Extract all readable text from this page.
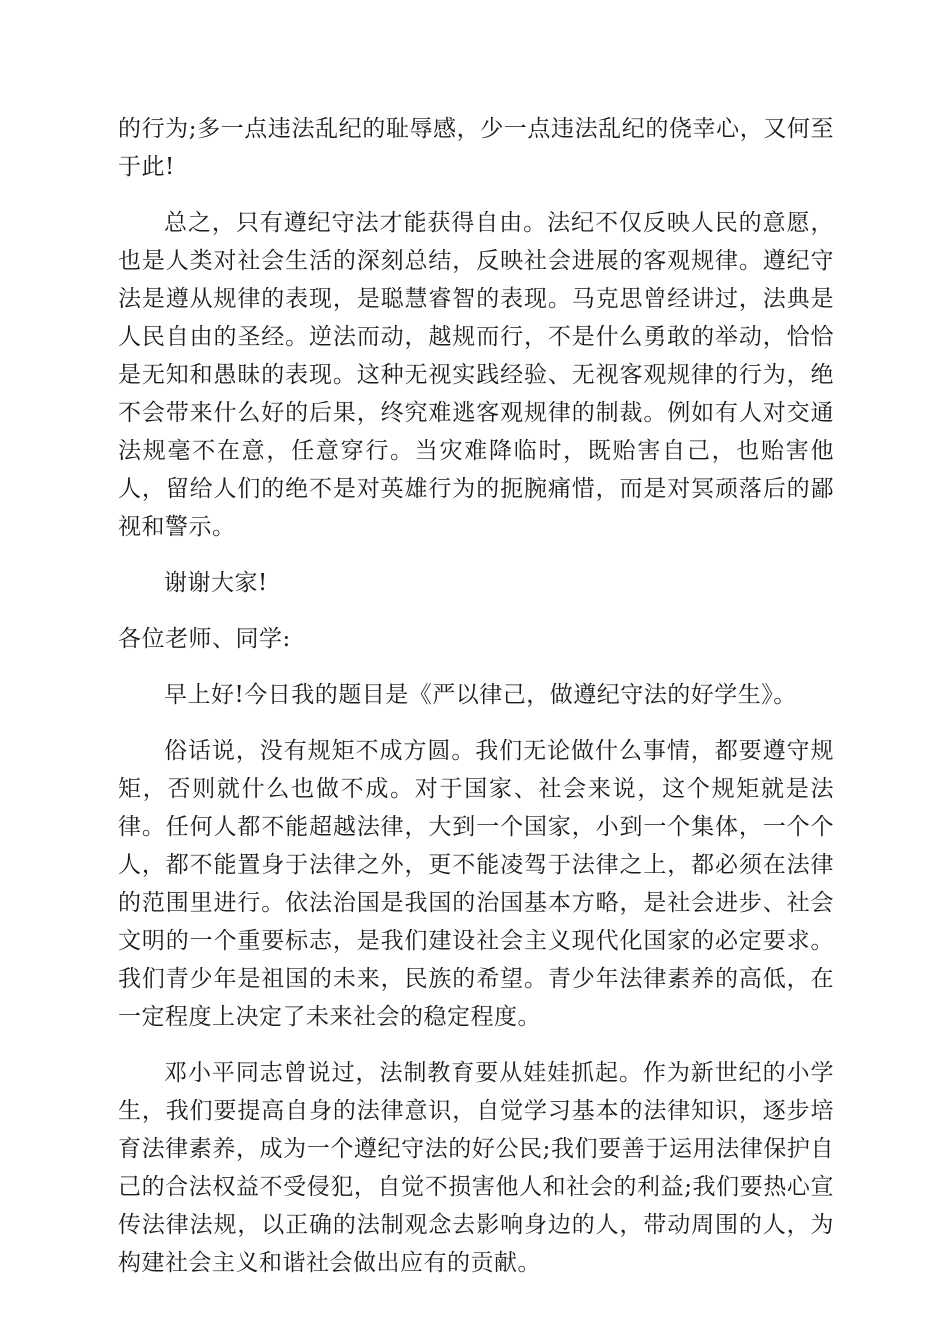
的行为;多一点违法乱纪的耻辱感，少一点违法乱纪的侥幸心，又何至于此!

总之，只有遵纪守法才能获得自由。法纪不仅反映人民的意愿，也是人类对社会生活的深刻总结，反映社会进展的客观规律。遵纪守法是遵从规律的表现，是聪慧睿智的表现。马克思曾经讲过，法典是人民自由的圣经。逆法而动，越规而行，不是什么勇敢的举动，恰恰是无知和愚昧的表现。这种无视实践经验、无视客观规律的行为，绝不会带来什么好的后果，终究难逃客观规律的制裁。例如有人对交通法规毫不在意，任意穿行。当灾难降临时，既贻害自己，也贻害他人，留给人们的绝不是对英雄行为的扼腕痛惜，而是对冥顽落后的鄙视和警示。

谢谢大家!

各位老师、同学:

早上好!今日我的题目是《严以律己，做遵纪守法的好学生》。

俗话说，没有规矩不成方圆。我们无论做什么事情，都要遵守规矩，否则就什么也做不成。对于国家、社会来说，这个规矩就是法律。任何人都不能超越法律，大到一个国家，小到一个集体，一个个人，都不能置身于法律之外，更不能凌驾于法律之上，都必须在法律的范围里进行。依法治国是我国的治国基本方略，是社会进步、社会文明的一个重要标志，是我们建设社会主义现代化国家的必定要求。我们青少年是祖国的未来，民族的希望。青少年法律素养的高低，在一定程度上决定了未来社会的稳定程度。

邓小平同志曾说过，法制教育要从娃娃抓起。作为新世纪的小学生，我们要提高自身的法律意识，自觉学习基本的法律知识，逐步培育法律素养，成为一个遵纪守法的好公民;我们要善于运用法律保护自己的合法权益不受侵犯，自觉不损害他人和社会的利益;我们要热心宣传法律法规，以正确的法制观念去影响身边的人，带动周围的人，为构建社会主义和谐社会做出应有的贡献。
